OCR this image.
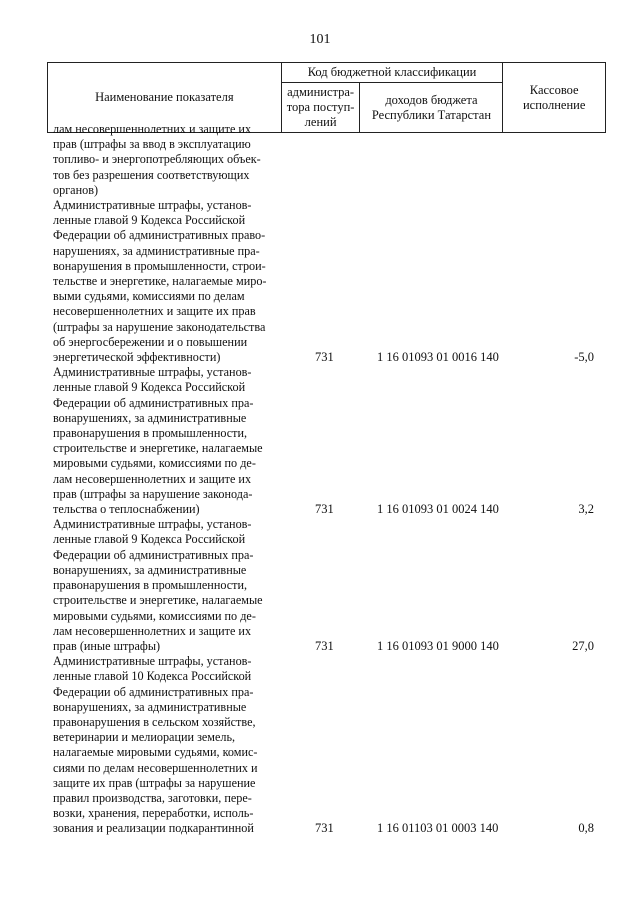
101
Наименование показателя	Код бюджетной классификации		Кассовое
исполнение
	администра-
тора поступ-
лений	доходов бюджета
Республики Татарстан	
лам несовершеннолетних и защите их
прав (штрафы за ввод в эксплуатацию
топливо- и энергопотребляющих объек-
тов без разрешения соответствующих
органов)
Административные штрафы, установ-
ленные главой 9 Кодекса Российской
Федерации об административных право-
нарушениях, за административные пра-
вонарушения в промышленности, строи-
тельстве и энергетике, налагаемые миро-
выми судьями, комиссиями по делам
несовершеннолетних и защите их прав
(штрафы за нарушение законодательства
об энергосбережении и о повышении
энергетической эффективности)	731	1 16 01093 01 0016 140	-5,0
Административные штрафы, установ-
ленные главой 9 Кодекса Российской
Федерации об административных пра-
вонарушениях, за административные
правонарушения в промышленности,
строительстве и энергетике, налагаемые
мировыми судьями, комиссиями по де-
лам несовершеннолетних и защите их
прав (штрафы за нарушение законода-
тельства о теплоснабжении)	731	1 16 01093 01 0024 140	3,2
Административные штрафы, установ-
ленные главой 9 Кодекса Российской
Федерации об административных пра-
вонарушениях, за административные
правонарушения в промышленности,
строительстве и энергетике, налагаемые
мировыми судьями, комиссиями по де-
лам несовершеннолетних и защите их
прав (иные штрафы)	731	1 16 01093 01 9000 140	27,0
Административные штрафы, установ-
ленные главой 10 Кодекса Российской
Федерации об административных пра-
вонарушениях, за административные
правонарушения в сельском хозяйстве,
ветеринарии и мелиорации земель,
налагаемые мировыми судьями, комис-
сиями по делам несовершеннолетних и
защите их прав (штрафы за нарушение
правил производства, заготовки, пере-
возки, хранения, переработки, исполь-
зования и реализации подкарантинной	731	1 16 01103 01 0003 140	0,8
